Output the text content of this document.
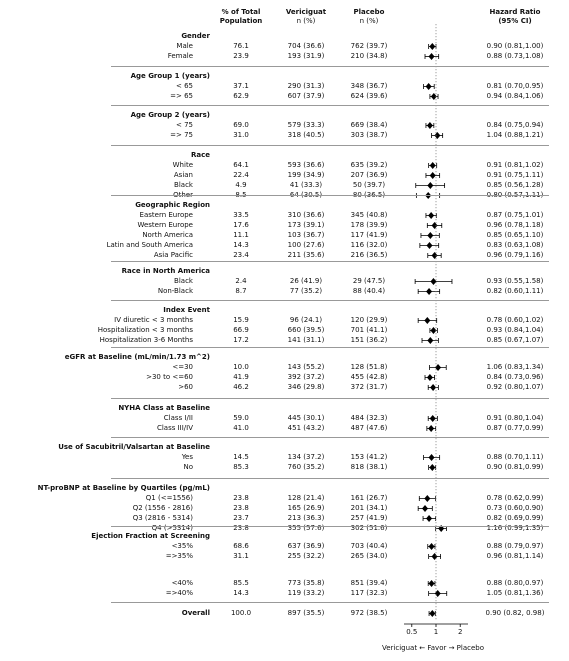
% of Total
Population
Vericiguat
n (%)
Placebo
n (%)
Hazard Ratio
(95% CI)
Gender
Male	76.1	704 (36.6)	762 (39.7)	0.90 (0.81,1.00)
Female	23.9	193 (31.9)	210 (34.8)	0.88 (0.73,1.08)
Age Group 1 (years)
< 65	37.1	290 (31.3)	348 (36.7)	0.81 (0.70,0.95)
=> 65	62.9	607 (37.9)	624 (39.6)	0.94 (0.84,1.06)
Age Group 2 (years)
< 75	69.0	579 (33.3)	669 (38.4)	0.84 (0.75,0.94)
=> 75	31.0	318 (40.5)	303 (38.7)	1.04 (0.88,1.21)
Race
White	64.1	593 (36.6)	635 (39.2)	0.91 (0.81,1.02)
Asian	22.4	199 (34.9)	207 (36.9)	0.91 (0.75,1.11)
Black	4.9	41 (33.3)	50 (39.7)	0.85 (0.56,1.28)
Other	8.5	64 (30.5)	80 (36.5)	0.80 (0.57,1.11)
Geographic Region
Eastern Europe	33.5	310 (36.6)	345 (40.8)	0.87 (0.75,1.01)
Western Europe	17.6	173 (39.1)	178 (39.9)	0.96 (0.78,1.18)
North America	11.1	103 (36.7)	117 (41.9)	0.85 (0.65,1.10)
Latin and South America	14.3	100 (27.6)	116 (32.0)	0.83 (0.63,1.08)
Asia Pacific	23.4	211 (35.6)	216 (36.5)	0.96 (0.79,1.16)
Race in North America
Black	2.4	26 (41.9)	29 (47.5)	0.93 (0.55,1.58)
Non-Black	8.7	77 (35.2)	88 (40.4)	0.82 (0.60,1.11)
Index Event
IV diuretic < 3 months	15.9	96 (24.1)	120 (29.9)	0.78 (0.60,1.02)
Hospitalization < 3 months	66.9	660 (39.5)	701 (41.1)	0.93 (0.84,1.04)
Hospitalization 3-6 Months	17.2	141 (31.1)	151 (36.2)	0.85 (0.67,1.07)
eGFR at Baseline (mL/min/1.73 m^2)
<=30	10.0	143 (55.2)	128 (51.8)	1.06 (0.83,1.34)
>30 to <=60	41.9	392 (37.2)	455 (42.8)	0.84 (0.73,0.96)
>60	46.2	346 (29.8)	372 (31.7)	0.92 (0.80,1.07)
NYHA Class at Baseline
Class I/II	59.0	445 (30.1)	484 (32.3)	0.91 (0.80,1.04)
Class III/IV	41.0	451 (43.2)	487 (47.6)	0.87 (0.77,0.99)
Use of Sacubitril/Valsartan at Baseline
Yes	14.5	134 (37.2)	153 (41.2)	0.88 (0.70,1.11)
No	85.3	760 (35.2)	818 (38.1)	0.90 (0.81,0.99)
NT-proBNP at Baseline by Quartiles (pg/mL)
Q1 (<=1556)	23.8	128 (21.4)	161 (26.7)	0.78 (0.62,0.99)
Q2 (1556 - 2816)	23.8	165 (26.9)	201 (34.1)	0.73 (0.60,0.90)
Q3 (2816 - 5314)	23.7	213 (36.3)	257 (41.9)	0.82 (0.69,0.99)
Q4 (>5314)	23.8	355 (57.6)	302 (51.6)	1.16 (0.99,1.35)
Ejection Fraction at Screening
<35%	68.6	637 (36.9)	703 (40.4)	0.88 (0.79,0.97)
=>35%	31.1	255 (32.2)	265 (34.0)	0.96 (0.81,1.14)
<40%	85.5	773 (35.8)	851 (39.4)	0.88 (0.80,0.97)
=>40%	14.3	119 (33.2)	117 (32.3)	1.05 (0.81,1.36)
Overall	100.0	897 (35.5)	972 (38.5)	0.90 (0.82, 0.98)
0.5 1	2
Vericiguat ← Favor → Placebo
